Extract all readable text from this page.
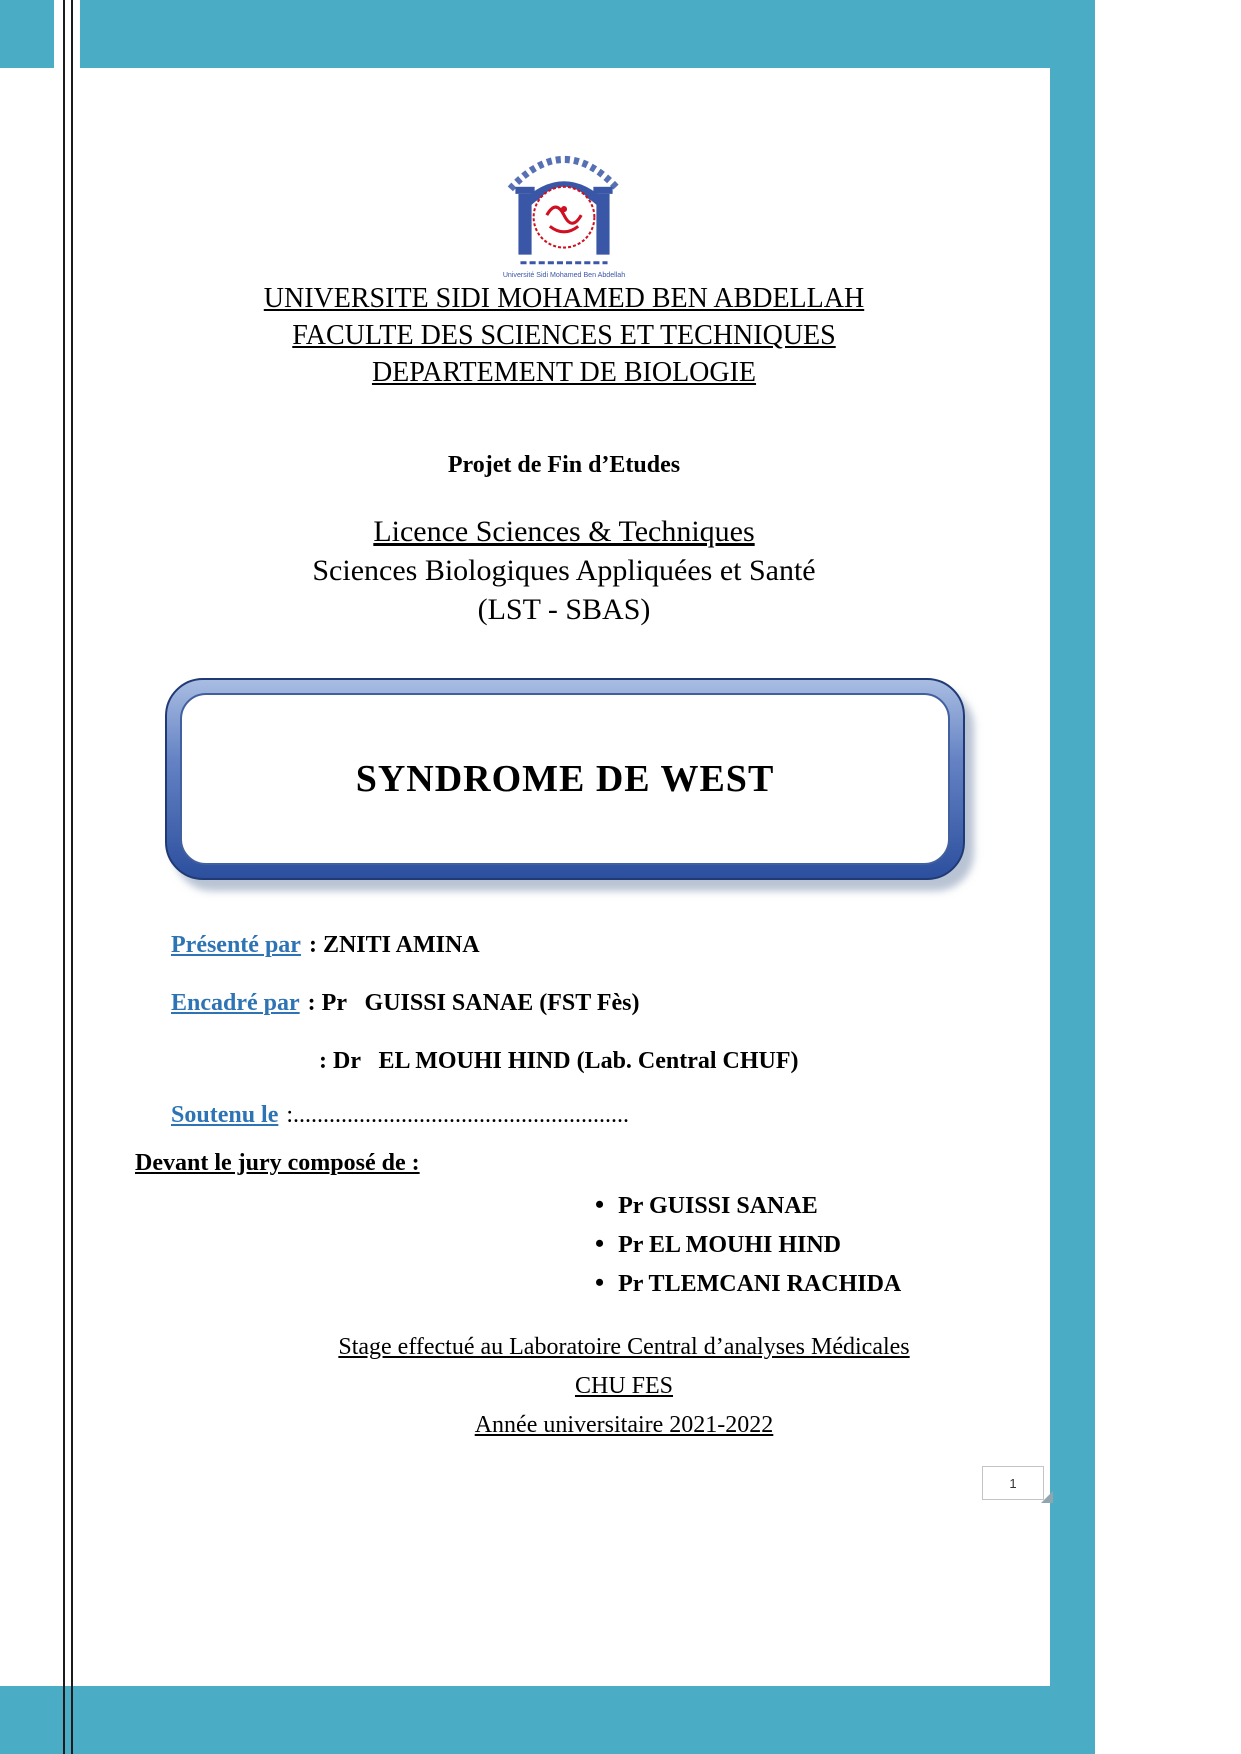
Université Sidi Mohamed Ben Abdellah
UNIVERSITE SIDI MOHAMED BEN ABDELLAH
FACULTE DES SCIENCES ET TECHNIQUES
DEPARTEMENT DE BIOLOGIE
Projet de Fin d’Etudes
Licence Sciences & Techniques
Sciences Biologiques Appliquées et Santé
(LST - SBAS)
SYNDROME DE WEST

Présenté par : ZNITI AMINA

Encadré par : Pr   GUISSI SANAE (FST Fès)

: Dr   EL MOUHI HIND (Lab. Central CHUF)

Soutenu le :........................................................

Devant le jury composé de :
• Pr GUISSI SANAE
• Pr EL MOUHI HIND
• Pr TLEMCANI RACHIDA
Stage effectué au Laboratoire Central d’analyses Médicales
CHU FES
Année universitaire 2021-2022
1
